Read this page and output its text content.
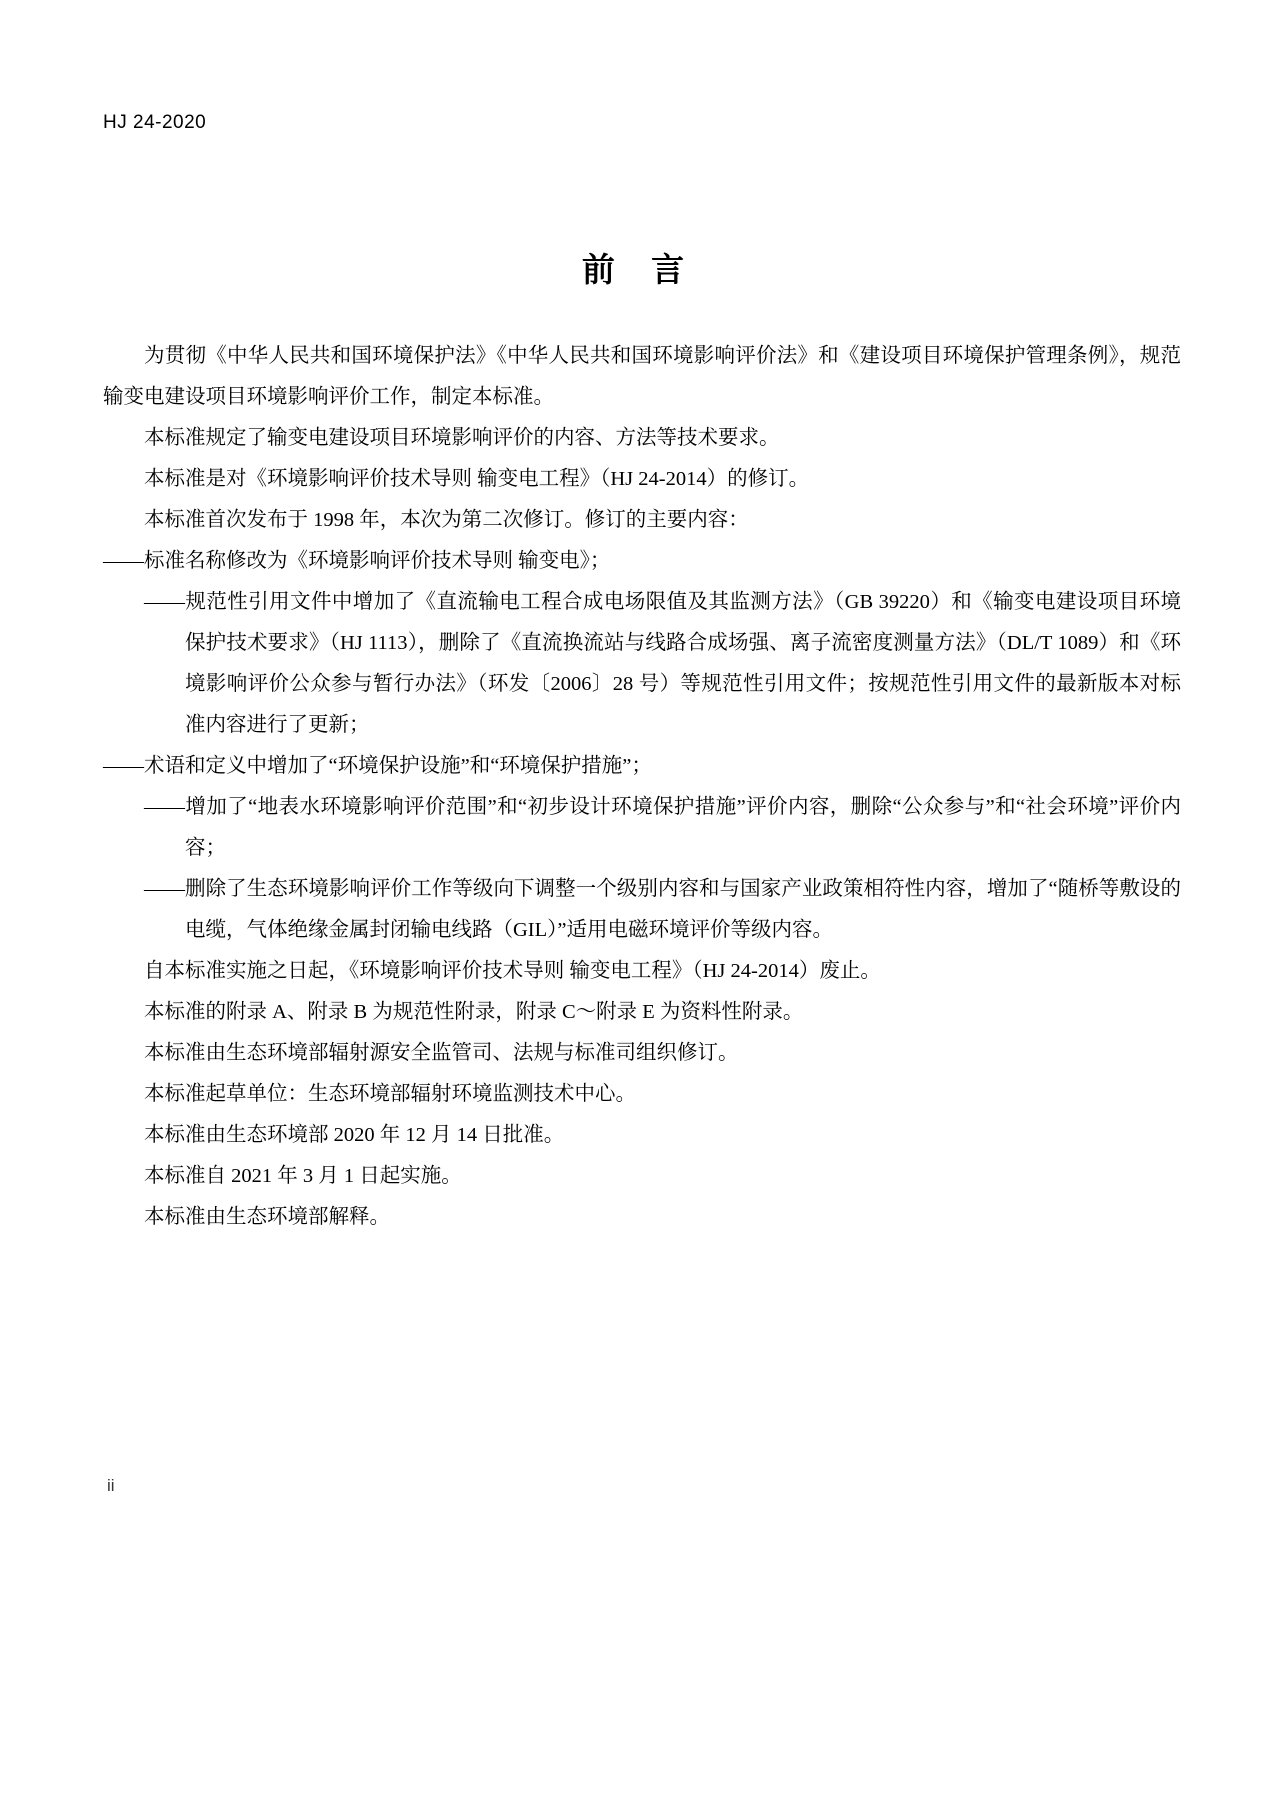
HJ 24-2020
前 言

为贯彻《中华人民共和国环境保护法》《中华人民共和国环境影响评价法》和《建设项目环境保护管理条例》，规范输变电建设项目环境影响评价工作，制定本标准。

本标准规定了输变电建设项目环境影响评价的内容、方法等技术要求。

本标准是对《环境影响评价技术导则 输变电工程》（HJ 24-2014）的修订。

本标准首次发布于 1998 年，本次为第二次修订。修订的主要内容：

——标准名称修改为《环境影响评价技术导则 输变电》；

——规范性引用文件中增加了《直流输电工程合成电场限值及其监测方法》（GB 39220）和《输变电建设项目环境保护技术要求》（HJ 1113），删除了《直流换流站与线路合成场强、离子流密度测量方法》（DL/T 1089）和《环境影响评价公众参与暂行办法》（环发〔2006〕28 号）等规范性引用文件；按规范性引用文件的最新版本对标准内容进行了更新；

——术语和定义中增加了“环境保护设施”和“环境保护措施”；

——增加了“地表水环境影响评价范围”和“初步设计环境保护措施”评价内容，删除“公众参与”和“社会环境”评价内容；

——删除了生态环境影响评价工作等级向下调整一个级别内容和与国家产业政策相符性内容，增加了“随桥等敷设的电缆，气体绝缘金属封闭输电线路（GIL）”适用电磁环境评价等级内容。

自本标准实施之日起，《环境影响评价技术导则 输变电工程》（HJ 24-2014）废止。

本标准的附录 A、附录 B 为规范性附录，附录 C～附录 E 为资料性附录。

本标准由生态环境部辐射源安全监管司、法规与标准司组织修订。

本标准起草单位：生态环境部辐射环境监测技术中心。

本标准由生态环境部 2020 年 12 月 14 日批准。

本标准自 2021 年 3 月 1 日起实施。

本标准由生态环境部解释。

ii
